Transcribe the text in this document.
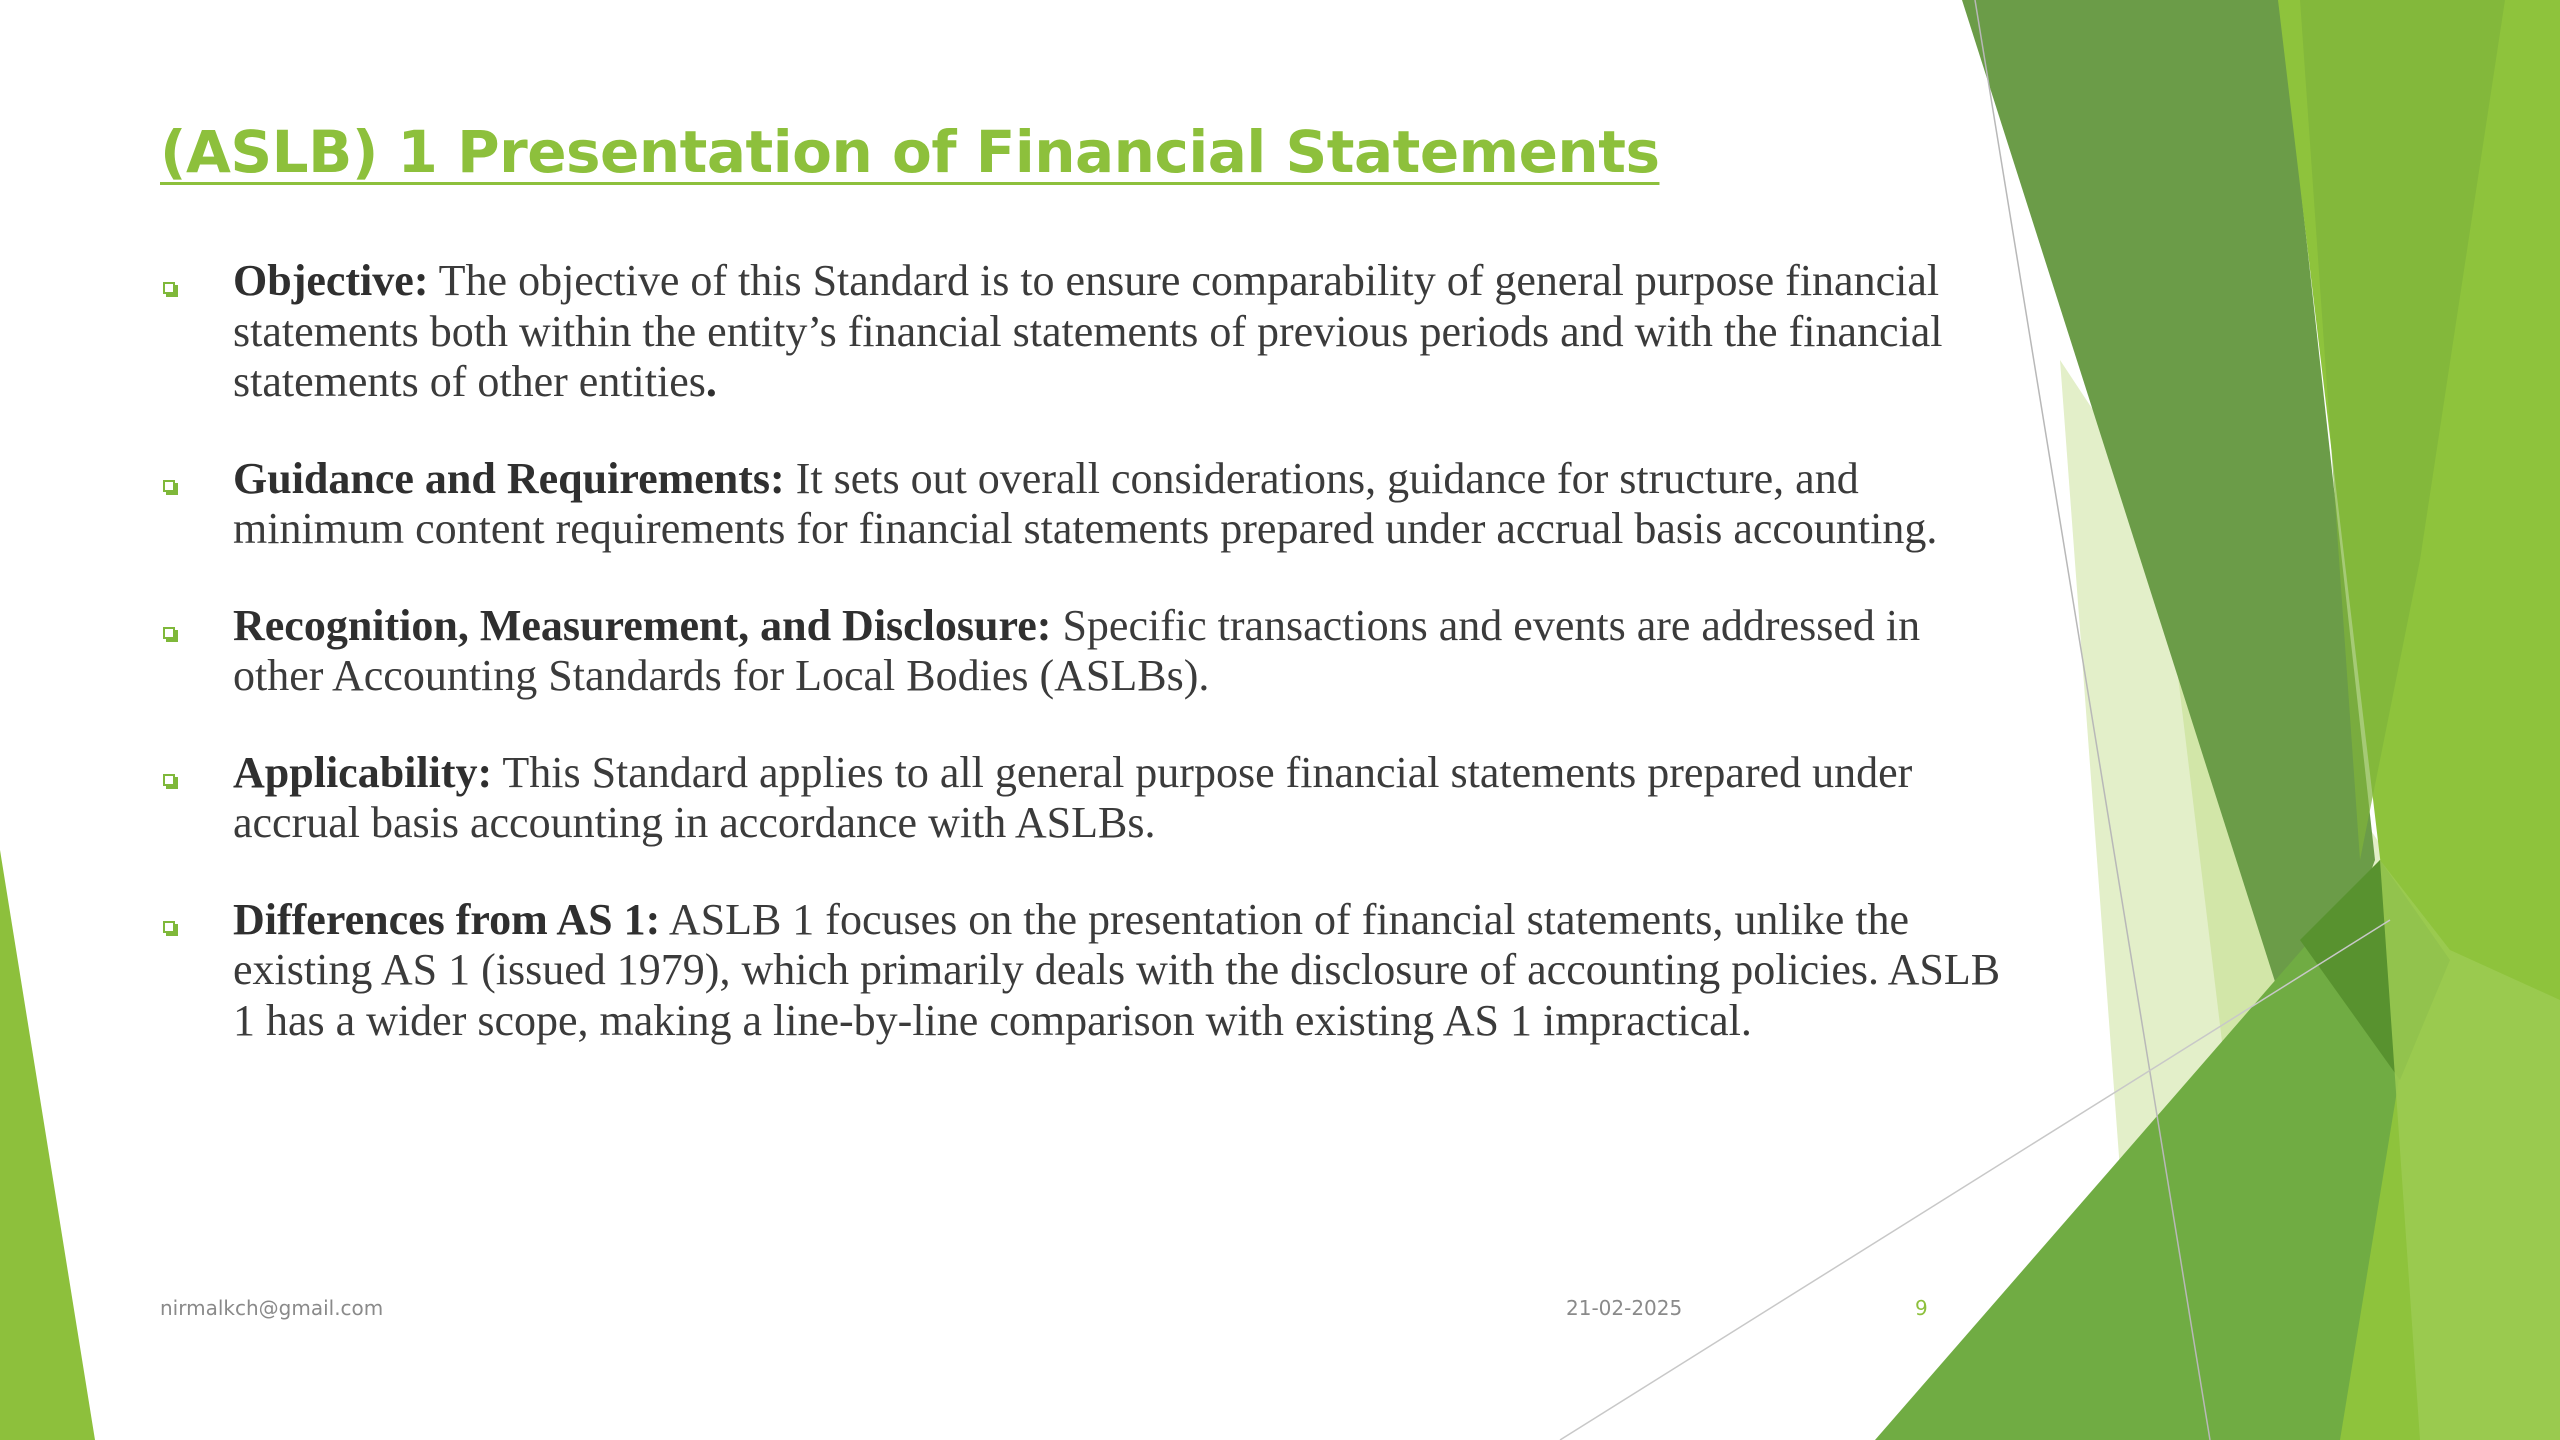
(ASLB) 1 Presentation of Financial Statements
Objective: The objective of this Standard is to ensure comparability of general purpose financial statements both within the entity’s financial statements of previous periods and with the financial statements of other entities.
Guidance and Requirements: It sets out overall considerations, guidance for structure, and minimum content requirements for financial statements prepared under accrual basis accounting.
Recognition, Measurement, and Disclosure: Specific transactions and events are addressed in other Accounting Standards for Local Bodies (ASLBs).
Applicability: This Standard applies to all general purpose financial statements prepared under accrual basis accounting in accordance with ASLBs.
Differences from AS 1: ASLB 1 focuses on the presentation of financial statements, unlike the existing AS 1 (issued 1979), which primarily deals with the disclosure of accounting policies. ASLB 1 has a wider scope, making a line-by-line comparison with existing AS 1 impractical.
nirmalkch@gmail.com	21-02-2025	9
